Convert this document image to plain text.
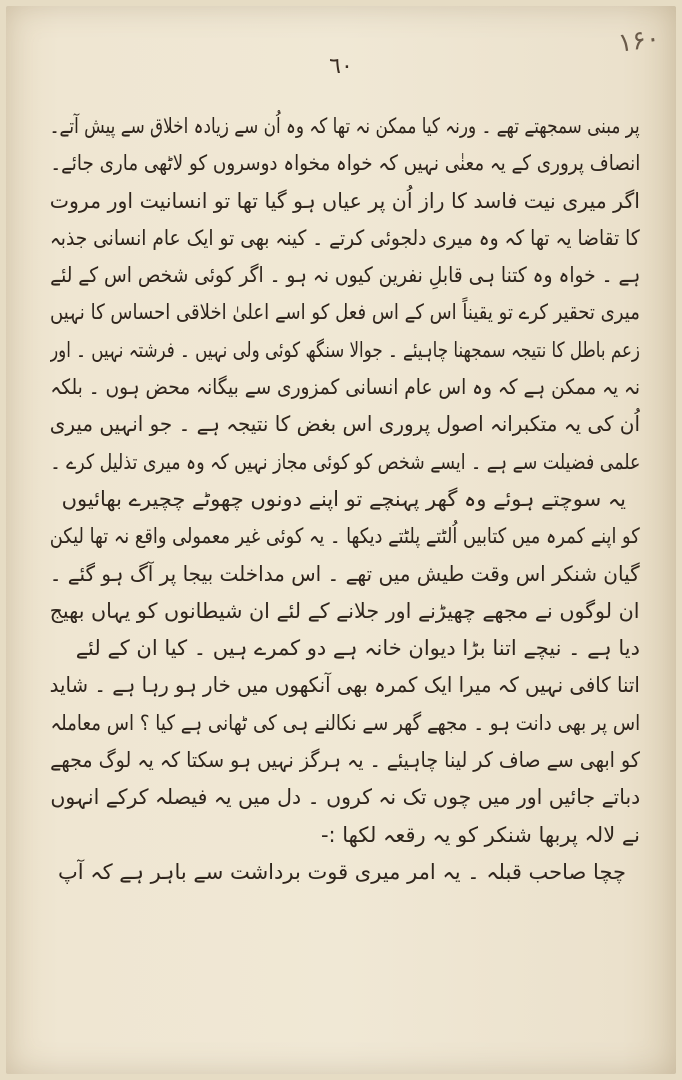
۱۶۰
٦٠
پر مبنی سمجھتے تھے ۔ ورنہ کیا ممکن نہ تھا کہ وہ اُن سے زیادہ اخلاق سے پیش آتے۔
انصاف پروری کے یہ معنٰی نہیں کہ خواہ مخواہ دوسروں کو لاٹھی ماری جائے۔
اگر میری نیت فاسد کا راز اُن پر عیاں ہو گیا تھا تو انسانیت اور مروت
کا تقاضا یہ تھا کہ وہ میری دلجوئی کرتے ۔ کینہ بھی تو ایک عام انسانی جذبہ
ہے ۔ خواہ وہ کتنا ہی قابلِ نفرین کیوں نہ ہو ۔ اگر کوئی شخص اس کے لئے
میری تحقیر کرے تو یقیناً اس کے اس فعل کو اسے اعلیٰ اخلاقی احساس کا نہیں
زعم باطل کا نتیجہ سمجھنا چاہیئے ۔ جوالا سنگھ کوئی ولی نہیں ۔ فرشتہ نہیں ۔ اور
نہ یہ ممکن ہے کہ وہ اس عام انسانی کمزوری سے بیگانہ محض ہوں ۔ بلکہ
اُن کی یہ متکبرانہ اصول پروری اس بغض کا نتیجہ ہے ۔ جو انہیں میری
علمی فضیلت سے ہے ۔ ایسے شخص کو کوئی مجاز نہیں کہ وہ میری تذلیل کرے ۔
یہ سوچتے ہوئے وہ گھر پہنچے تو اپنے دونوں چھوٹے چچیرے بھائیوں
کو اپنے کمرہ میں کتابیں اُلٹتے پلٹتے دیکھا ۔ یہ کوئی غیر معمولی واقع نہ تھا لیکن
گیان شنکر اس وقت طیش میں تھے ۔ اس مداخلت بیجا پر آگ ہو گئے ۔
ان لوگوں نے مجھے چھیڑنے اور جلانے کے لئے ان شیطانوں کو یہاں بھیج
دیا ہے ۔ نیچے اتنا بڑا دیوان خانہ ہے دو کمرے ہیں ۔ کیا ان کے لئے
اتنا کافی نہیں کہ میرا ایک کمرہ بھی آنکھوں میں خار ہو رہا ہے ۔ شاید
اس پر بھی دانت ہو ۔ مجھے گھر سے نکالنے ہی کی ٹھانی ہے کیا ؟ اس معاملہ
کو ابھی سے صاف کر لینا چاہیئے ۔ یہ ہرگز نہیں ہو سکتا کہ یہ لوگ مجھے
دباتے جائیں اور میں چوں تک نہ کروں ۔ دل میں یہ فیصلہ کرکے انہوں
نے لالہ پربھا شنکر کو یہ رقعہ لکھا :-
چچا صاحب قبلہ ۔ یہ امر میری قوت برداشت سے باہر ہے کہ آپ
